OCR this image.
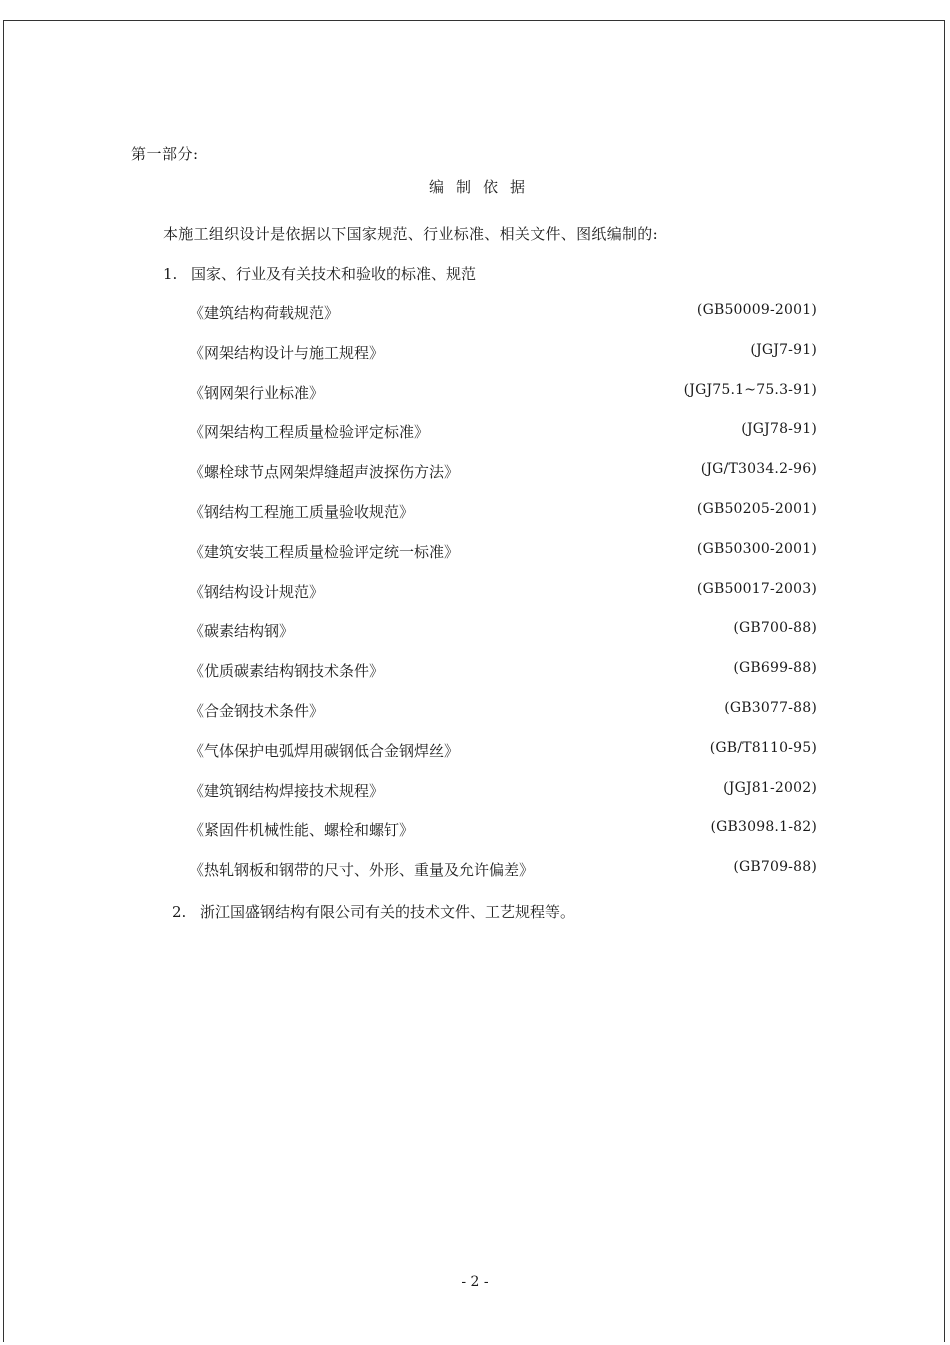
第一部分:
编制依据
本施工组织设计是依据以下国家规范、行业标准、相关文件、图纸编制的:
1. 国家、行业及有关技术和验收的标准、规范
《建筑结构荷载规范》	(GB50009-2001)
《网架结构设计与施工规程》	(JGJ7-91)
《钢网架行业标准》	(JGJ75.1~75.3-91)
《网架结构工程质量检验评定标准》	(JGJ78-91)
《螺栓球节点网架焊缝超声波探伤方法》	(JG/T3034.2-96)
《钢结构工程施工质量验收规范》	(GB50205-2001)
《建筑安装工程质量检验评定统一标准》	(GB50300-2001)
《钢结构设计规范》	(GB50017-2003)
《碳素结构钢》	(GB700-88)
《优质碳素结构钢技术条件》	(GB699-88)
《合金钢技术条件》	(GB3077-88)
《气体保护电弧焊用碳钢低合金钢焊丝》	(GB/T8110-95)
《建筑钢结构焊接技术规程》	(JGJ81-2002)
《紧固件机械性能、螺栓和螺钉》	(GB3098.1-82)
《热轧钢板和钢带的尺寸、外形、重量及允许偏差》	(GB709-88)
2. 浙江国盛钢结构有限公司有关的技术文件、工艺规程等。
- 2 -
